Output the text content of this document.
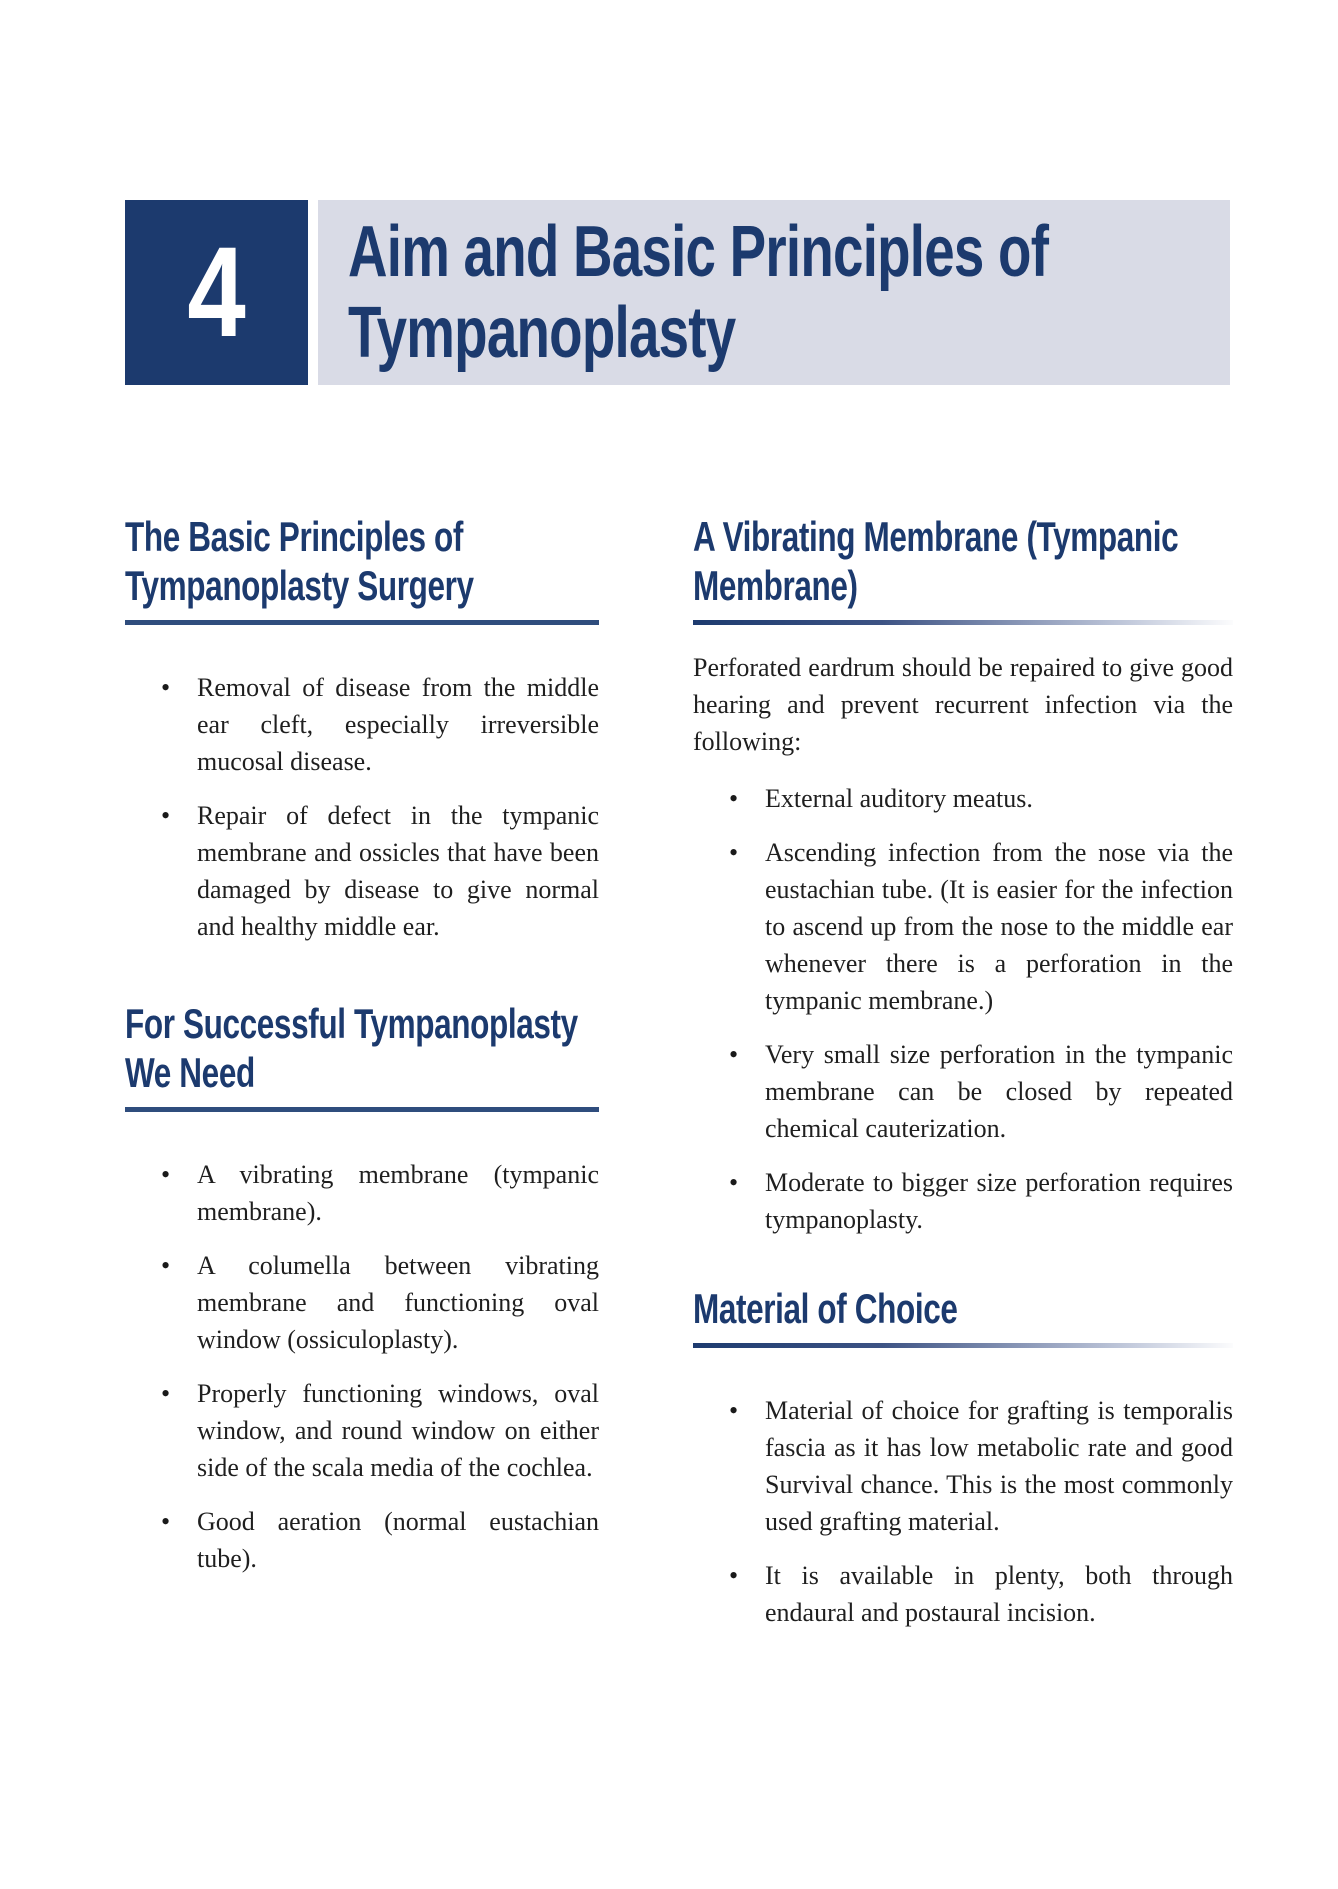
4 Aim and Basic Principles of
Tympanoplasty
The Basic Principles of
Tympanoplasty Surgery
•	Removal of disease from the middle ear cleft, especially irreversible mucosal disease.

•	Repair of defect in the tympanic membrane and ossicles that have been damaged by disease to give normal and healthy middle ear.

For Successful Tympanoplasty
We Need
•	A vibrating membrane (tympanic membrane).

•	A columella between vibrating membrane and functioning oval window (ossiculoplasty).

•	Properly functioning windows, oval window, and round window on either side of the scala media of the cochlea.

•	Good aeration (normal eustachian tube).

A Vibrating Membrane (Tympanic
Membrane)

Perforated eardrum should be repaired to give good hearing and prevent recurrent infection via the following:

•	External auditory meatus.

•	Ascending infection from the nose via the eustachian tube. (It is easier for the infection to ascend up from the nose to the middle ear whenever there is a perforation in the tympanic membrane.)

•	Very small size perforation in the tympanic membrane can be closed by repeated chemical cauterization.

•	Moderate to bigger size perforation requires tympanoplasty.

Material of Choice
•	Material of choice for grafting is temporalis fascia as it has low metabolic rate and good Survival chance. This is the most commonly used grafting material.

•	It is available in plenty, both through endaural and postaural incision.
